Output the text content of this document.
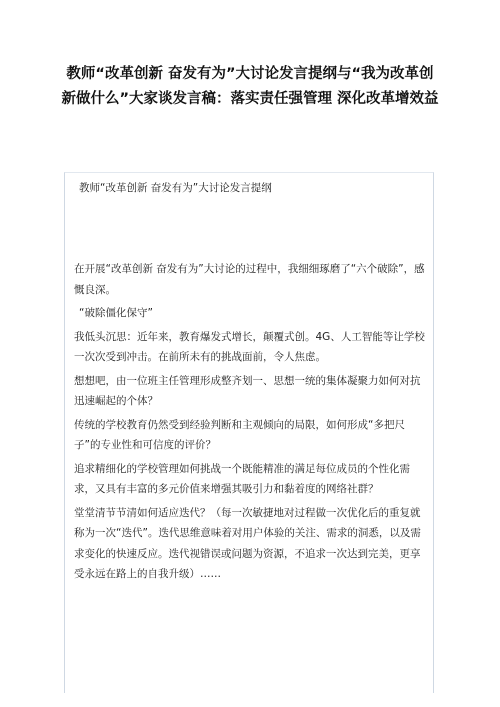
教师“改革创新 奋发有为”大讨论发言提纲与“我为改革创新做什么”大家谈发言稿：落实责任强管理 深化改革增效益
教师“改革创新 奋发有为”大讨论发言提纲

在开展“改革创新 奋发有为”大讨论的过程中，我细细琢磨了“六个破除”，感慨良深。

“破除僵化保守”

我低头沉思：近年来，教育爆发式增长，颠覆式创。4G、人工智能等让学校一次次受到冲击。在前所未有的挑战面前，令人焦虑。

想想吧，由一位班主任管理形成整齐划一、思想一统的集体凝聚力如何对抗迅速崛起的个体？

传统的学校教育仍然受到经验判断和主观倾向的局限，如何形成“多把尺子”的专业性和可信度的评价？

追求精细化的学校管理如何挑战一个既能精准的满足每位成员的个性化需求，又具有丰富的多元价值来增强其吸引力和黏着度的网络社群？

堂堂清节节清如何适应迭代？（每一次敏捷地对过程做一次优化后的重复就称为一次“迭代”。迭代思维意味着对用户体验的关注、需求的洞悉，以及需求变化的快速反应。迭代视错误或问题为资源，不追求一次达到完美，更享受永远在路上的自我升级）……
